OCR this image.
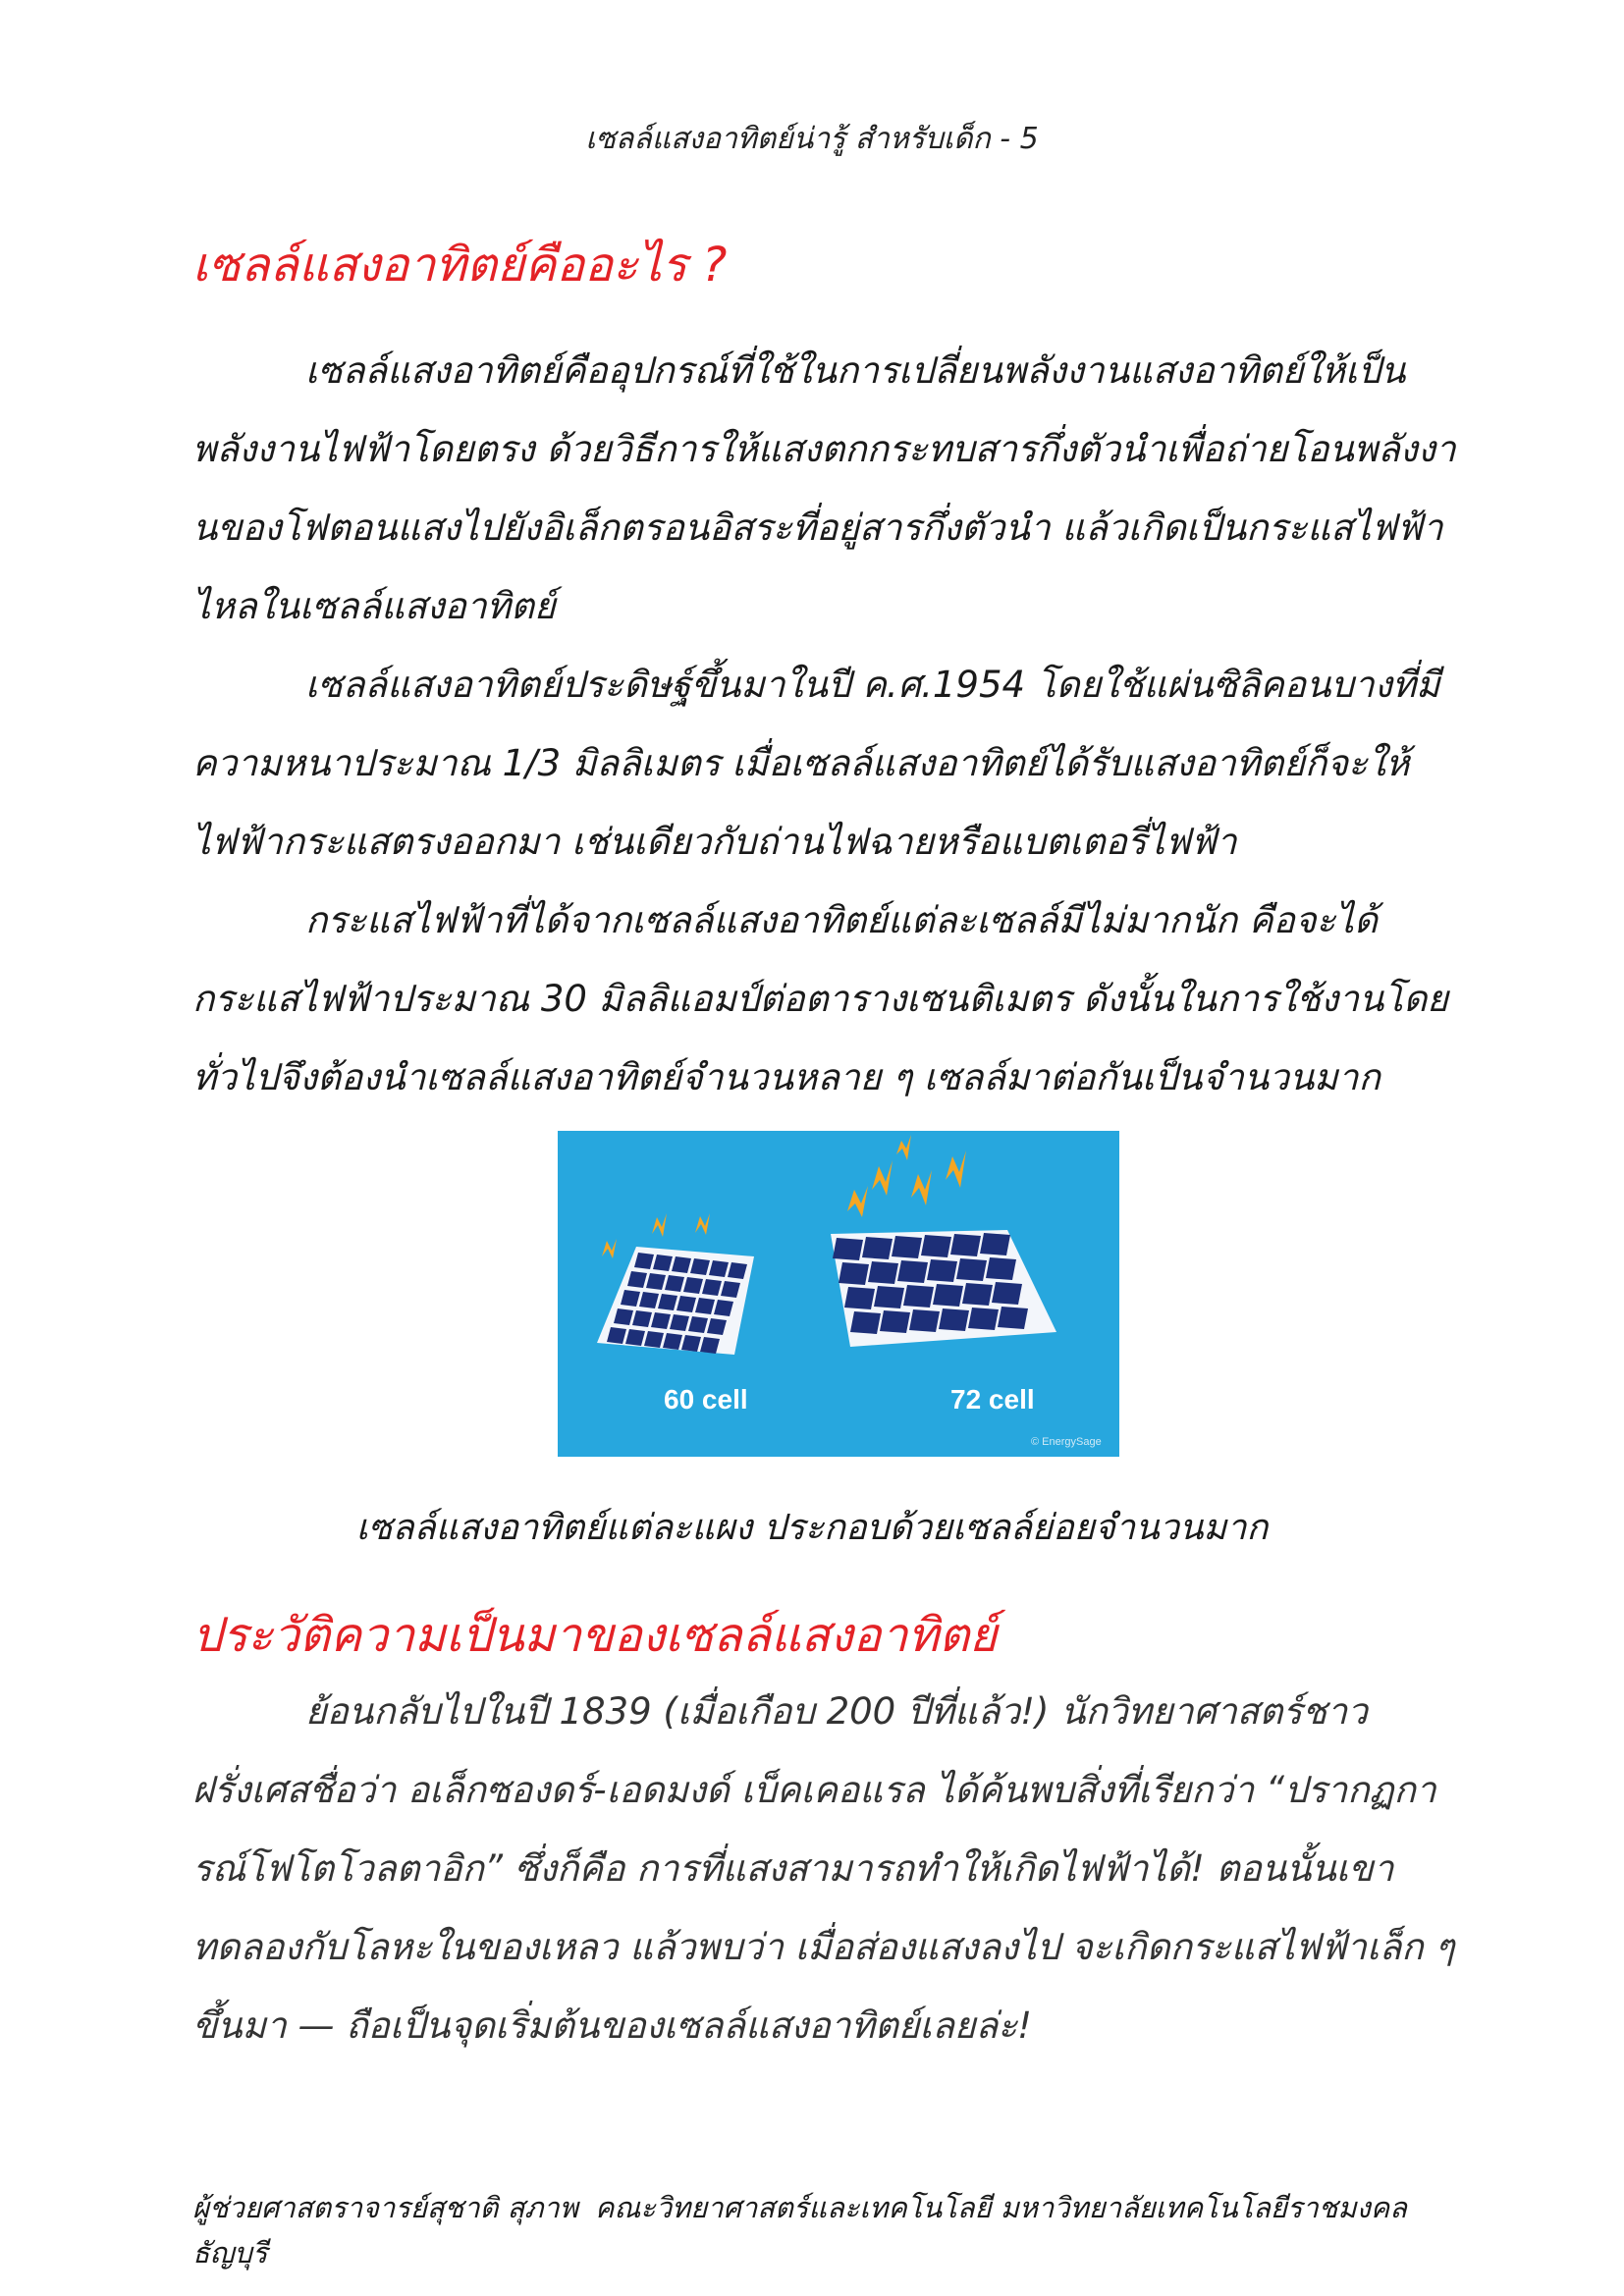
เซลล์แสงอาทิตย์น่ารู้ สำหรับเด็ก - 5
เซลล์แสงอาทิตย์คืออะไร ?

เซลล์แสงอาทิตย์คืออุปกรณ์ที่ใช้ในการเปลี่ยนพลังงานแสงอาทิตย์ให้เป็นพลังงานไฟฟ้าโดยตรง ด้วยวิธีการให้แสงตกกระทบสารกึ่งตัวนำเพื่อถ่ายโอนพลังงานของโฟตอนแสงไปยังอิเล็กตรอนอิสระที่อยู่สารกึ่งตัวนำ แล้วเกิดเป็นกระแสไฟฟ้าไหลในเซลล์แสงอาทิตย์

เซลล์แสงอาทิตย์ประดิษฐ์ขึ้นมาในปี ค.ศ.1954 โดยใช้แผ่นซิลิคอนบางที่มีความหนาประมาณ 1/3 มิลลิเมตร เมื่อเซลล์แสงอาทิตย์ได้รับแสงอาทิตย์ก็จะให้ไฟฟ้ากระแสตรงออกมา เช่นเดียวกับถ่านไฟฉายหรือแบตเตอรี่ไฟฟ้า

กระแสไฟฟ้าที่ได้จากเซลล์แสงอาทิตย์แต่ละเซลล์มีไม่มากนัก คือจะได้กระแสไฟฟ้าประมาณ 30 มิลลิแอมป์ต่อตารางเซนติเมตร ดังนั้นในการใช้งานโดยทั่วไปจึงต้องนำเซลล์แสงอาทิตย์จำนวนหลาย ๆ เซลล์มาต่อกันเป็นจำนวนมาก

60 cell	72 cell
© EnergySage
เซลล์แสงอาทิตย์แต่ละแผง ประกอบด้วยเซลล์ย่อยจำนวนมาก
ประวัติความเป็นมาของเซลล์แสงอาทิตย์

ย้อนกลับไปในปี 1839 (เมื่อเกือบ 200 ปีที่แล้ว!) นักวิทยาศาสตร์ชาวฝรั่งเศสชื่อว่า อเล็กซองดร์-เอดมงด์ เบ็คเคอแรล ได้ค้นพบสิ่งที่เรียกว่า “ปรากฏการณ์โฟโตโวลตาอิก” ซึ่งก็คือ การที่แสงสามารถทำให้เกิดไฟฟ้าได้! ตอนนั้นเขาทดลองกับโลหะในของเหลว แล้วพบว่า เมื่อส่องแสงลงไป จะเกิดกระแสไฟฟ้าเล็ก ๆ ขึ้นมา — ถือเป็นจุดเริ่มต้นของเซลล์แสงอาทิตย์เลยล่ะ!

ผู้ช่วยศาสตราจารย์สุชาติ สุภาพ คณะวิทยาศาสตร์และเทคโนโลยี มหาวิทยาลัยเทคโนโลยีราชมงคลธัญบุรี
